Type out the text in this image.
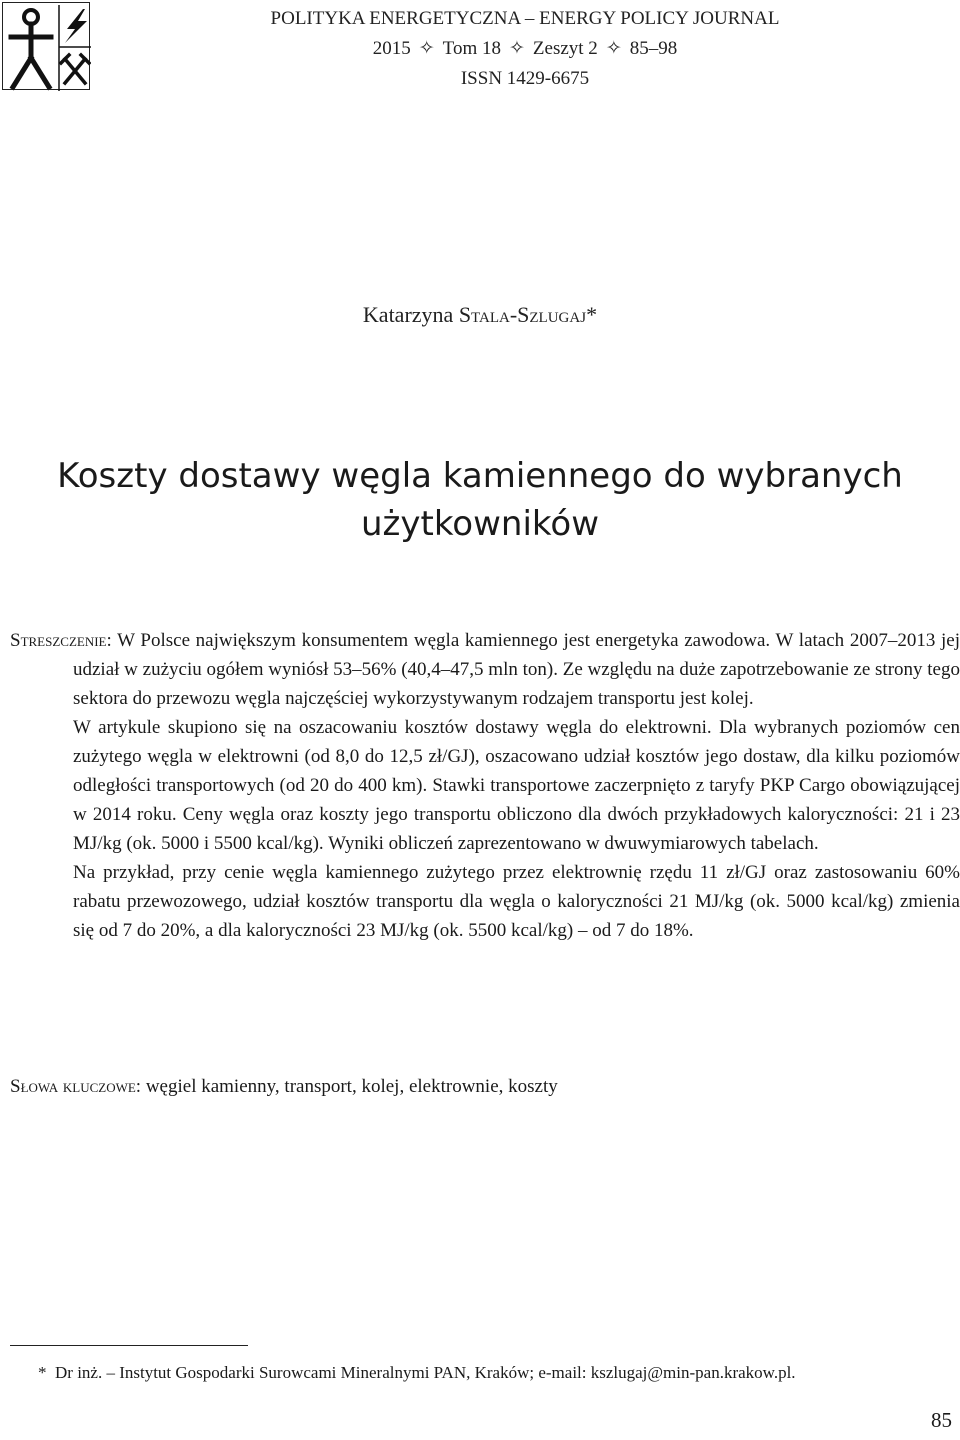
POLITYKA ENERGETYCZNA – ENERGY POLICY JOURNAL
2015 ✧ Tom 18 ✧ Zeszyt 2 ✧ 85–98
ISSN 1429-6675
Katarzyna Stala-Szlugaj*
Koszty dostawy węgla kamiennego do wybranych
użytkowników

Streszczenie: W Polsce największym konsumentem węgla kamiennego jest energetyka zawodowa. W latach 2007–2013 jej udział w zużyciu ogółem wyniósł 53–56% (40,4–47,5 mln ton). Ze względu na duże zapotrzebowanie ze strony tego sektora do przewozu węgla najczęściej wykorzystywanym rodzajem transportu jest kolej.

W artykule skupiono się na oszacowaniu kosztów dostawy węgla do elektrowni. Dla wybranych poziomów cen zużytego węgla w elektrowni (od 8,0 do 12,5 zł/GJ), oszacowano udział kosztów jego dostaw, dla kilku poziomów odległości transportowych (od 20 do 400 km). Stawki transportowe zaczerpnięto z taryfy PKP Cargo obowiązującej w 2014 roku. Ceny węgla oraz koszty jego transportu obliczono dla dwóch przykładowych kaloryczności: 21 i 23 MJ/kg (ok. 5000 i 5500 kcal/kg). Wyniki obliczeń zaprezentowano w dwuwymiarowych tabelach.

Na przykład, przy cenie węgla kamiennego zużytego przez elektrownię rzędu 11 zł/GJ oraz zastosowaniu 60% rabatu przewozowego, udział kosztów transportu dla węgla o kaloryczności 21 MJ/kg (ok. 5000 kcal/kg) zmienia się od 7 do 20%, a dla kaloryczności 23 MJ/kg (ok. 5500 kcal/kg) – od 7 do 18%.

Słowa kluczowe: węgiel kamienny, transport, kolej, elektrownie, koszty
* Dr inż. – Instytut Gospodarki Surowcami Mineralnymi PAN, Kraków; e-mail: kszlugaj@min-pan.krakow.pl.
85
